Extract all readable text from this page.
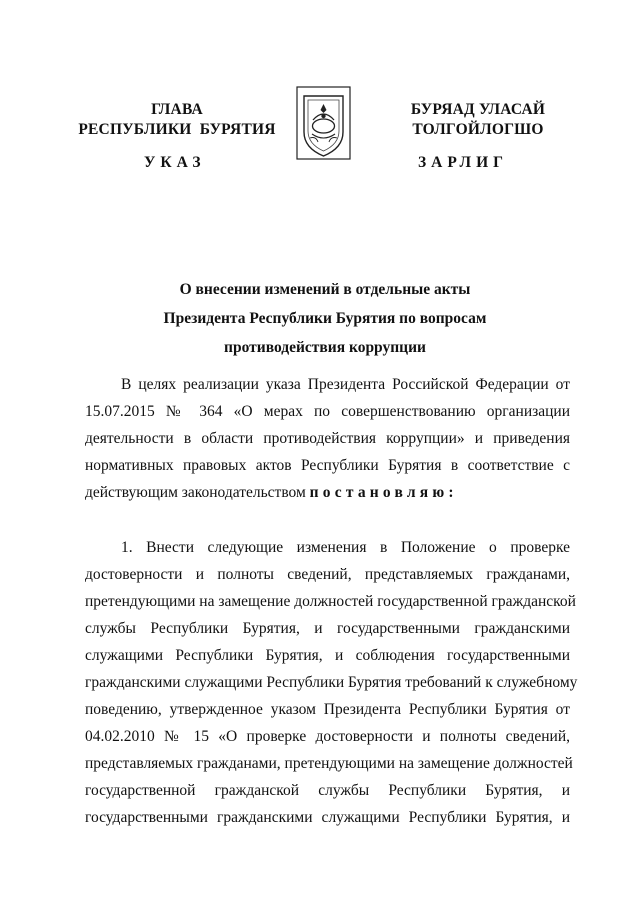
ГЛАВА
РЕСПУБЛИКИ  БУРЯТИЯ
УКАЗ
БУРЯАД УЛАСАЙ
ТОЛГОЙЛОГШО
ЗАРЛИГ
О внесении изменений в отдельные акты
Президента Республики Бурятия по вопросам
противодействия коррупции
В целях реализации указа Президента Российской Федерации от
15.07.2015 № 364 «О мерах по совершенствованию организации
деятельности в области противодействия коррупции» и приведения
нормативных правовых актов Республики Бурятия в соответствие с
действующим законодательством постановляю:
1. Внести следующие изменения в Положение о проверке
достоверности и полноты сведений, представляемых гражданами,
претендующими на замещение должностей государственной гражданской
службы Республики Бурятия, и государственными гражданскими
служащими Республики Бурятия, и соблюдения государственными
гражданскими служащими Республики Бурятия требований к служебному
поведению, утвержденное указом Президента Республики Бурятия от
04.02.2010 № 15 «О проверке достоверности и полноты сведений,
представляемых гражданами, претендующими на замещение должностей
государственной гражданской службы Республики Бурятия, и
государственными гражданскими служащими Республики Бурятия, и
